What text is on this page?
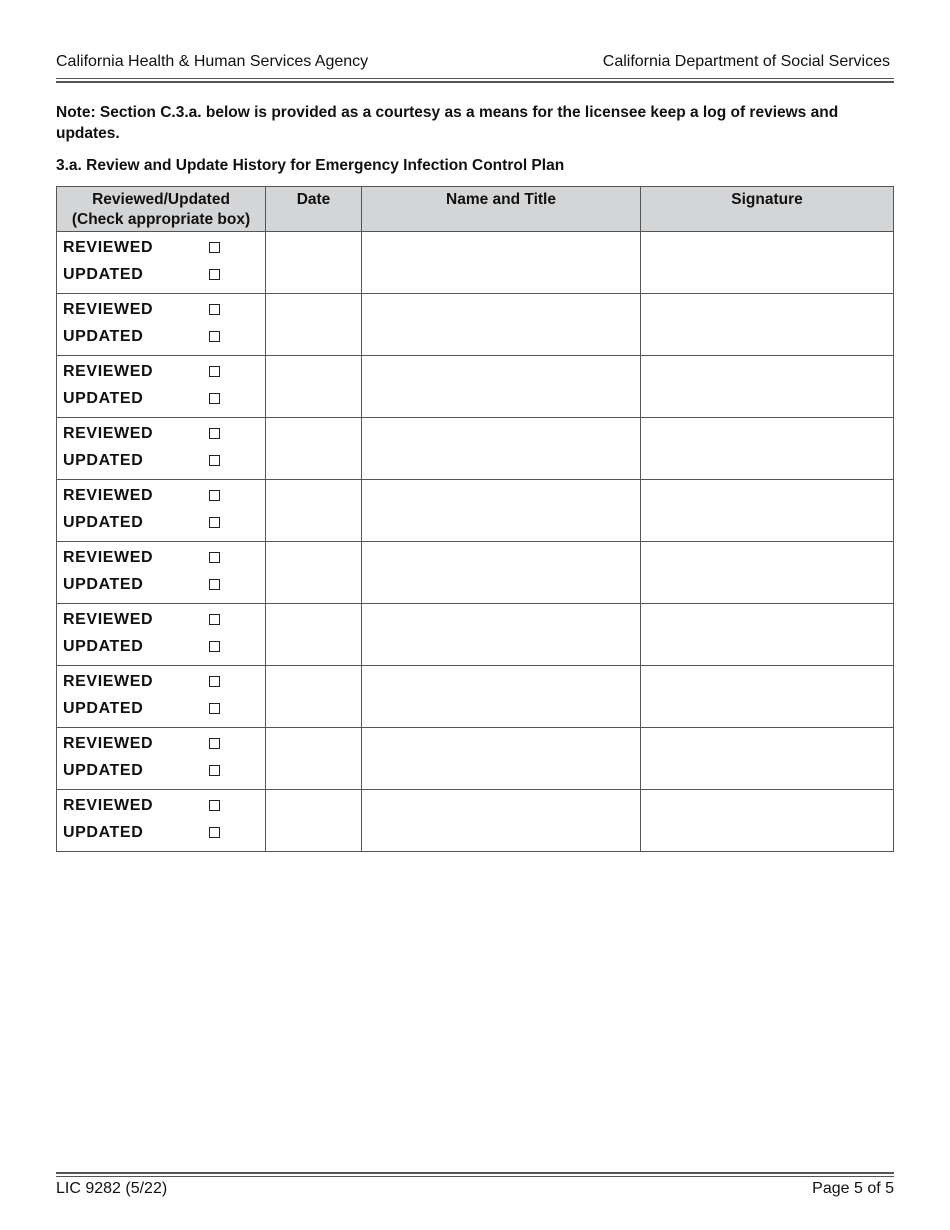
California Health & Human Services Agency	California Department of Social Services
Note: Section C.3.a. below is provided as a courtesy as a means for the licensee keep a log of reviews and updates.
3.a. Review and Update History for Emergency Infection Control Plan
Reviewed/Updated
(Check appropriate box)	Date	Name and Title	Signature

REVIEWED
UPDATED			

REVIEWED
UPDATED			

REVIEWED
UPDATED			

REVIEWED
UPDATED			

REVIEWED
UPDATED			

REVIEWED
UPDATED			

REVIEWED
UPDATED			

REVIEWED
UPDATED			

REVIEWED
UPDATED			

REVIEWED
UPDATED			

LIC 9282 (5/22)	Page 5 of 5
